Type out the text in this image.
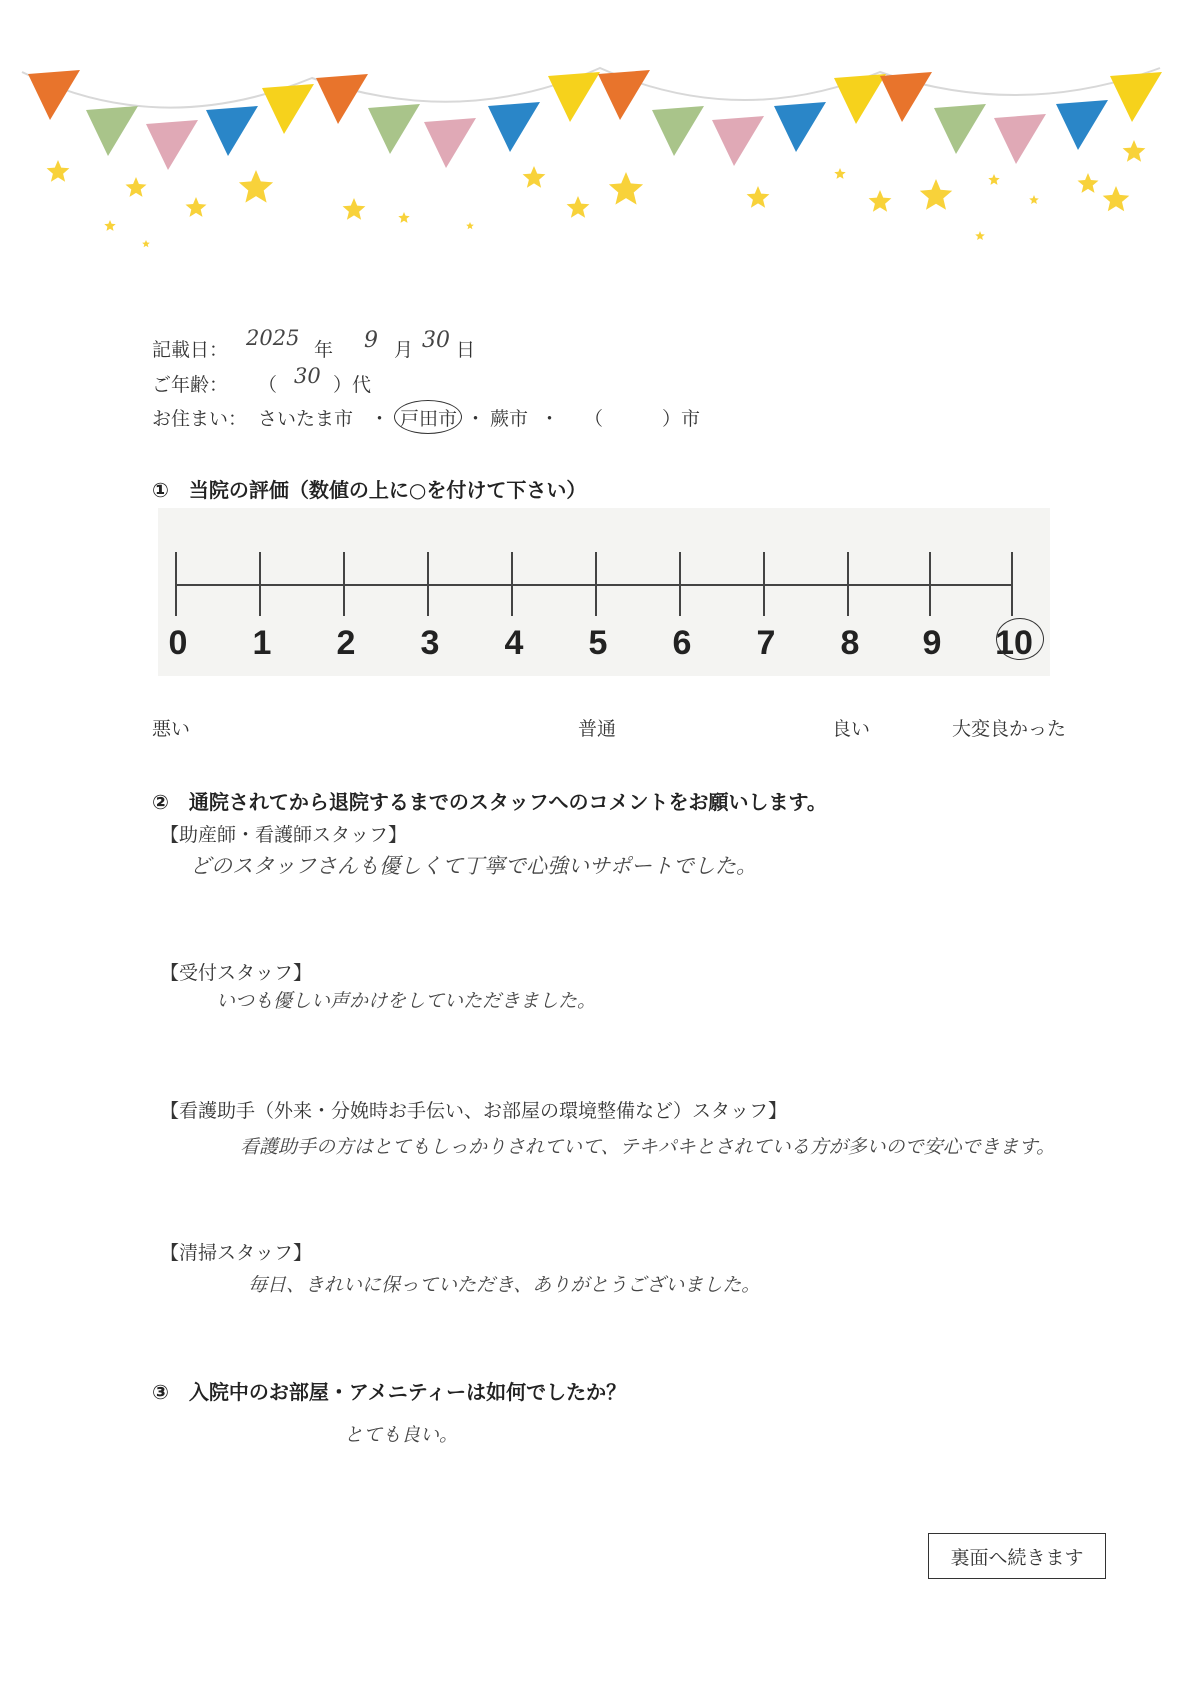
記載日： 2025 年 9 月 30 日
ご年齢： （ 30 ）代
お住まい： さいたま市 ・ 戸田市 ・ 蕨市 ・ （	）市
①　当院の評価（数値の上に○を付けて下さい）
0	1	2	3	4	5	6	7	8	9	10
悪い	普通	良い	大変良かった
②　通院されてから退院するまでのスタッフへのコメントをお願いします。
【助産師・看護師スタッフ】
どのスタッフさんも優しくて丁寧で心強いサポートでした。
【受付スタッフ】
いつも優しい声かけをしていただきました。
【看護助手（外来・分娩時お手伝い、お部屋の環境整備など）スタッフ】
看護助手の方はとてもしっかりされていて、テキパキとされている方が多いので安心できます。
【清掃スタッフ】
毎日、きれいに保っていただき、ありがとうございました。
③　入院中のお部屋・アメニティーは如何でしたか？
とても良い。
裏面へ続きます
